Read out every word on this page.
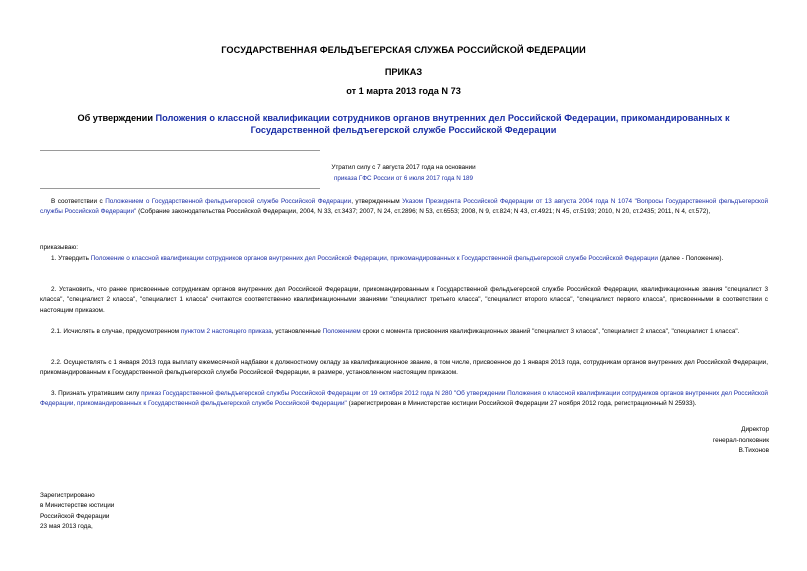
ГОСУДАРСТВЕННАЯ ФЕЛЬДЪЕГЕРСКАЯ СЛУЖБА РОССИЙСКОЙ ФЕДЕРАЦИИ
ПРИКАЗ
от 1 марта 2013 года N 73
Об утверждении Положения о классной квалификации сотрудников органов внутренних дел Российской Федерации, прикомандированных к Государственной фельдъегерской службе Российской Федерации
Утратил силу с 7 августа 2017 года на основании
приказа ГФС России от 6 июля 2017 года N 189
В соответствии с Положением о Государственной фельдъегерской службе Российской Федерации, утвержденным Указом Президента Российской Федерации от 13 августа 2004 года N 1074 "Вопросы Государственной фельдъегерской службы Российской Федерации" (Собрание законодательства Российской Федерации, 2004, N 33, ст.3437; 2007, N 24, ст.2896; N 53, ст.6553; 2008, N 9, ст.824; N 43, ст.4921; N 45, ст.5193; 2010, N 20, ст.2435; 2011, N 4, ст.572),
приказываю:
1. Утвердить Положение о классной квалификации сотрудников органов внутренних дел Российской Федерации, прикомандированных к Государственной фельдъегерской службе Российской Федерации (далее - Положение).
2. Установить, что ранее присвоенные сотрудникам органов внутренних дел Российской Федерации, прикомандированным к Государственной фельдъегерской службе Российской Федерации, квалификационные звания "специалист 3 класса", "специалист 2 класса", "специалист 1 класса" считаются соответственно квалификационными званиями "специалист третьего класса", "специалист второго класса", "специалист первого класса", присвоенными в соответствии с настоящим приказом.
2.1. Исчислять в случае, предусмотренном пунктом 2 настоящего приказа, установленные Положением сроки с момента присвоения квалификационных званий "специалист 3 класса", "специалист 2 класса", "специалист 1 класса".
2.2. Осуществлять с 1 января 2013 года выплату ежемесячной надбавки к должностному окладу за квалификационное звание, в том числе, присвоенное до 1 января 2013 года, сотрудникам органов внутренних дел Российской Федерации, прикомандированным к Государственной фельдъегерской службе Российской Федерации, в размере, установленном настоящим приказом.
3. Признать утратившим силу приказ Государственной фельдъегерской службы Российской Федерации от 19 октября 2012 года N 280 "Об утверждении Положения о классной квалификации сотрудников органов внутренних дел Российской Федерации, прикомандированных к Государственной фельдъегерской службе Российской Федерации" (зарегистрирован в Министерстве юстиции Российской Федерации 27 ноября 2012 года, регистрационный N 25933).
Директор
генерал-полковник
В.Тихонов
Зарегистрировано
в Министерстве юстиции
Российской Федерации
23 мая 2013 года,
